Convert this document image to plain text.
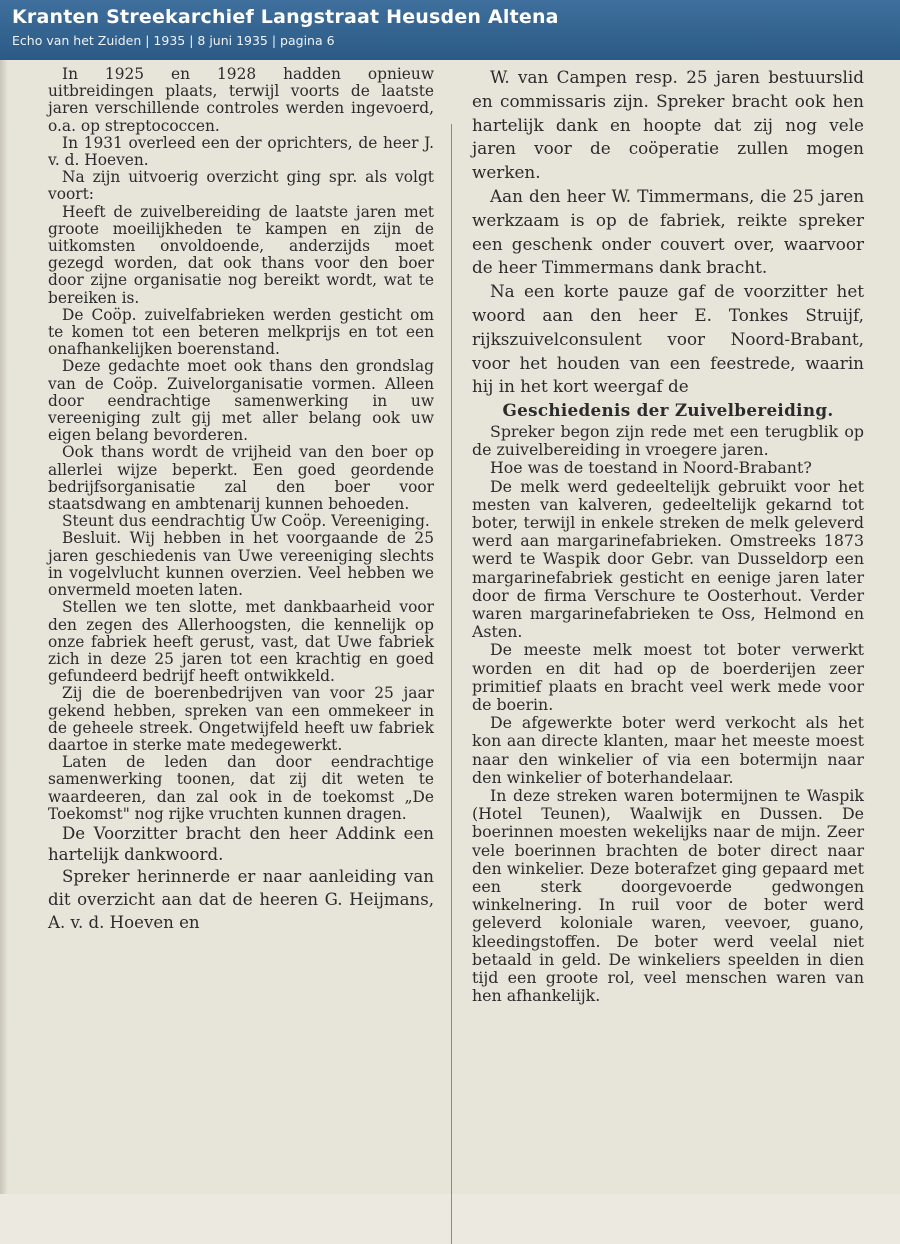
Kranten Streekarchief Langstraat Heusden Altena
Echo van het Zuiden | 1935 | 8 juni 1935 | pagina 6

In 1925 en 1928 hadden opnieuw uitbreidingen plaats, terwijl voorts de laatste jaren verschillende controles werden ingevoerd, o.a. op streptococcen.

In 1931 overleed een der oprichters, de heer J. v. d. Hoeven.

Na zijn uitvoerig overzicht ging spr. als volgt voort:

Heeft de zuivelbereiding de laatste jaren met groote moeilijkheden te kampen en zijn de uitkomsten onvoldoende, anderzijds moet gezegd worden, dat ook thans voor den boer door zijne organisatie nog bereikt wordt, wat te bereiken is.

De Coöp. zuivelfabrieken werden gesticht om te komen tot een beteren melkprijs en tot een onafhankelijken boerenstand.

Deze gedachte moet ook thans den grondslag van de Coöp. Zuivelorganisatie vormen. Alleen door eendrachtige samenwerking in uw vereeniging zult gij met aller belang ook uw eigen belang bevorderen.

Ook thans wordt de vrijheid van den boer op allerlei wijze beperkt. Een goed geordende bedrijfsorganisatie zal den boer voor staatsdwang en ambtenarij kunnen behoeden.

Steunt dus eendrachtig Uw Coöp. Vereeniging.

Besluit. Wij hebben in het voorgaande de 25 jaren geschiedenis van Uwe vereeniging slechts in vogelvlucht kunnen overzien. Veel hebben we onvermeld moeten laten.

Stellen we ten slotte, met dankbaarheid voor den zegen des Allerhoogsten, die kennelijk op onze fabriek heeft gerust, vast, dat Uwe fabriek zich in deze 25 jaren tot een krachtig en goed gefundeerd bedrijf heeft ontwikkeld.

Zij die de boerenbedrijven van voor 25 jaar gekend hebben, spreken van een ommekeer in de geheele streek. Ongetwijfeld heeft uw fabriek daartoe in sterke mate medegewerkt.

Laten de leden dan door eendrachtige samenwerking toonen, dat zij dit weten te waardeeren, dan zal ook in de toekomst „De Toekomst" nog rijke vruchten kunnen dragen.

De Voorzitter bracht den heer Addink een hartelijk dankwoord.

Spreker herinnerde er naar aanleiding van dit overzicht aan dat de heeren G. Heijmans, A. v. d. Hoeven en

W. van Campen resp. 25 jaren bestuurslid en commissaris zijn. Spreker bracht ook hen hartelijk dank en hoopte dat zij nog vele jaren voor de coöperatie zullen mogen werken.

Aan den heer W. Timmermans, die 25 jaren werkzaam is op de fabriek, reikte spreker een geschenk onder couvert over, waarvoor de heer Timmermans dank bracht.

Na een korte pauze gaf de voorzitter het woord aan den heer E. Tonkes Struijf, rijkszuivelconsulent voor Noord-Brabant, voor het houden van een feestrede, waarin hij in het kort weergaf de

Geschiedenis der Zuivelbereiding.

Spreker begon zijn rede met een terugblik op de zuivelbereiding in vroegere jaren.

Hoe was de toestand in Noord-Brabant?

De melk werd gedeeltelijk gebruikt voor het mesten van kalveren, gedeeltelijk gekarnd tot boter, terwijl in enkele streken de melk geleverd werd aan margarinefabrieken. Omstreeks 1873 werd te Waspik door Gebr. van Dusseldorp een margarinefabriek gesticht en eenige jaren later door de firma Verschure te Oosterhout. Verder waren margarinefabrieken te Oss, Helmond en Asten.

De meeste melk moest tot boter verwerkt worden en dit had op de boerderijen zeer primitief plaats en bracht veel werk mede voor de boerin.

De afgewerkte boter werd verkocht als het kon aan directe klanten, maar het meeste moest naar den winkelier of via een botermijn naar den winkelier of boterhandelaar.

In deze streken waren botermijnen te Waspik (Hotel Teunen), Waalwijk en Dussen. De boerinnen moesten wekelijks naar de mijn. Zeer vele boerinnen brachten de boter direct naar den winkelier. Deze boterafzet ging gepaard met een sterk doorgevoerde gedwongen winkelnering. In ruil voor de boter werd geleverd koloniale waren, veevoer, guano, kleedingstoffen. De boter werd veelal niet betaald in geld. De winkeliers speelden in dien tijd een groote rol, veel menschen waren van hen afhankelijk.
